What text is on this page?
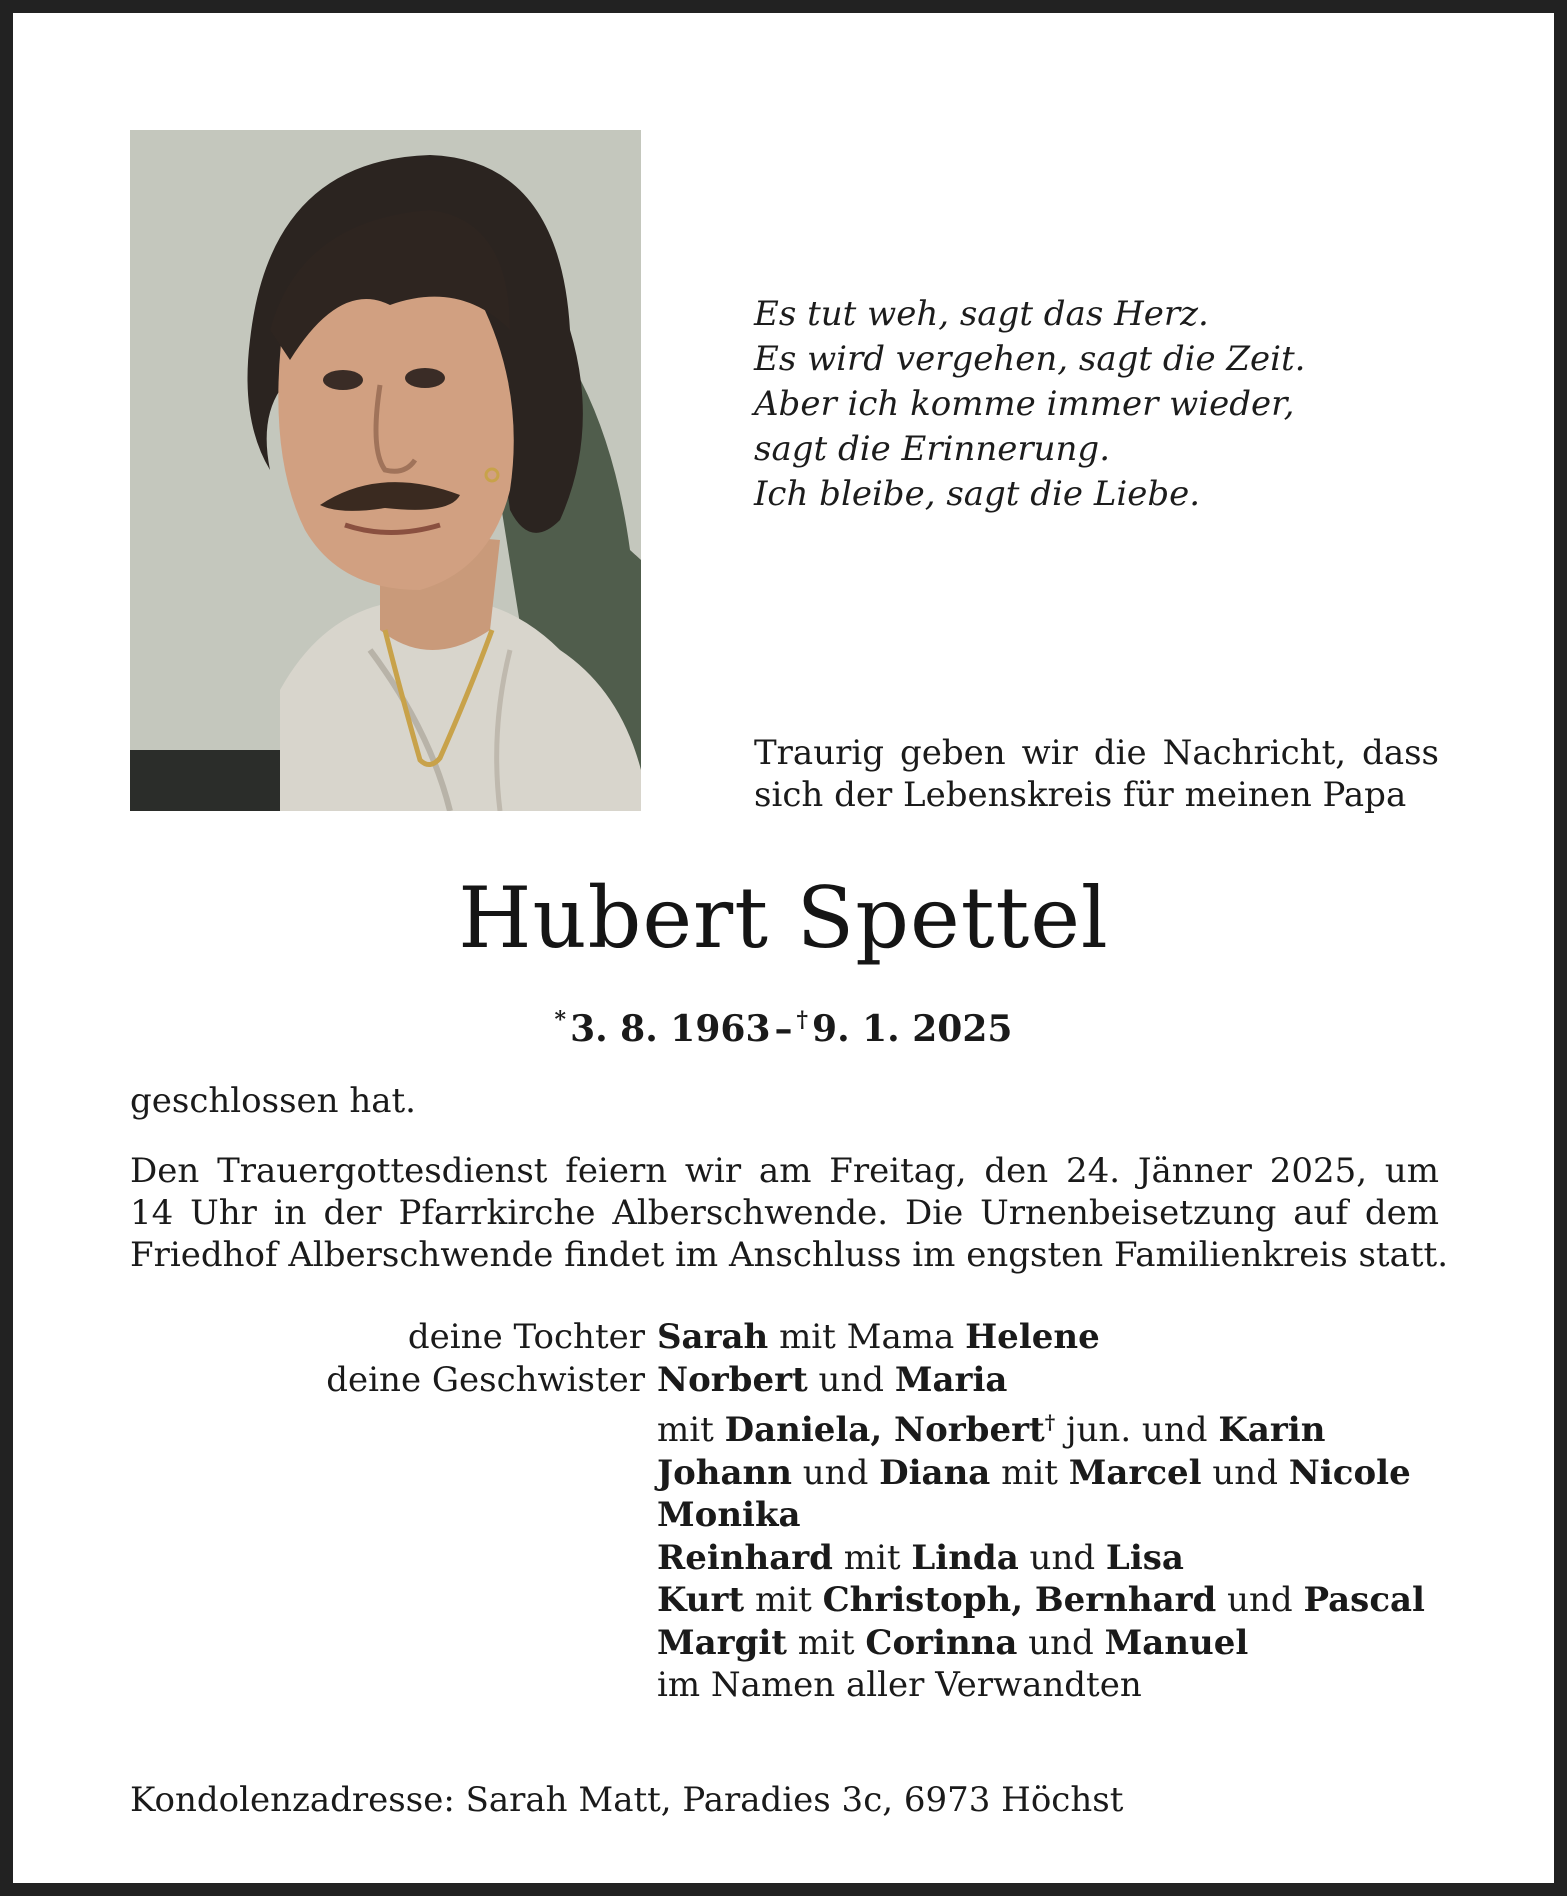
Es tut weh, sagt das Herz.
Es wird vergehen, sagt die Zeit.
Aber ich komme immer wieder,
sagt die Erinnerung.
Ich bleibe, sagt die Liebe.
Traurig geben wir die Nachricht, dass
sich der Lebenskreis für meinen Papa
Hubert Spettel
* 3. 8. 1963 – † 9. 1. 2025
geschlossen hat.
Den Trauergottesdienst feiern wir am Freitag, den 24. Jänner 2025, um
14 Uhr in der Pfarrkirche Alberschwende. Die Urnenbeisetzung auf dem
Friedhof Alberschwende findet im Anschluss im engsten Familienkreis statt.
deine Tochter Sarah mit Mama Helene
deine Geschwister Norbert und Maria
mit Daniela, Norbert† jun. und Karin
Johann und Diana mit Marcel und Nicole
Monika
Reinhard mit Linda und Lisa
Kurt mit Christoph, Bernhard und Pascal
Margit mit Corinna und Manuel
im Namen aller Verwandten
Kondolenzadresse: Sarah Matt, Paradies 3c, 6973 Höchst
